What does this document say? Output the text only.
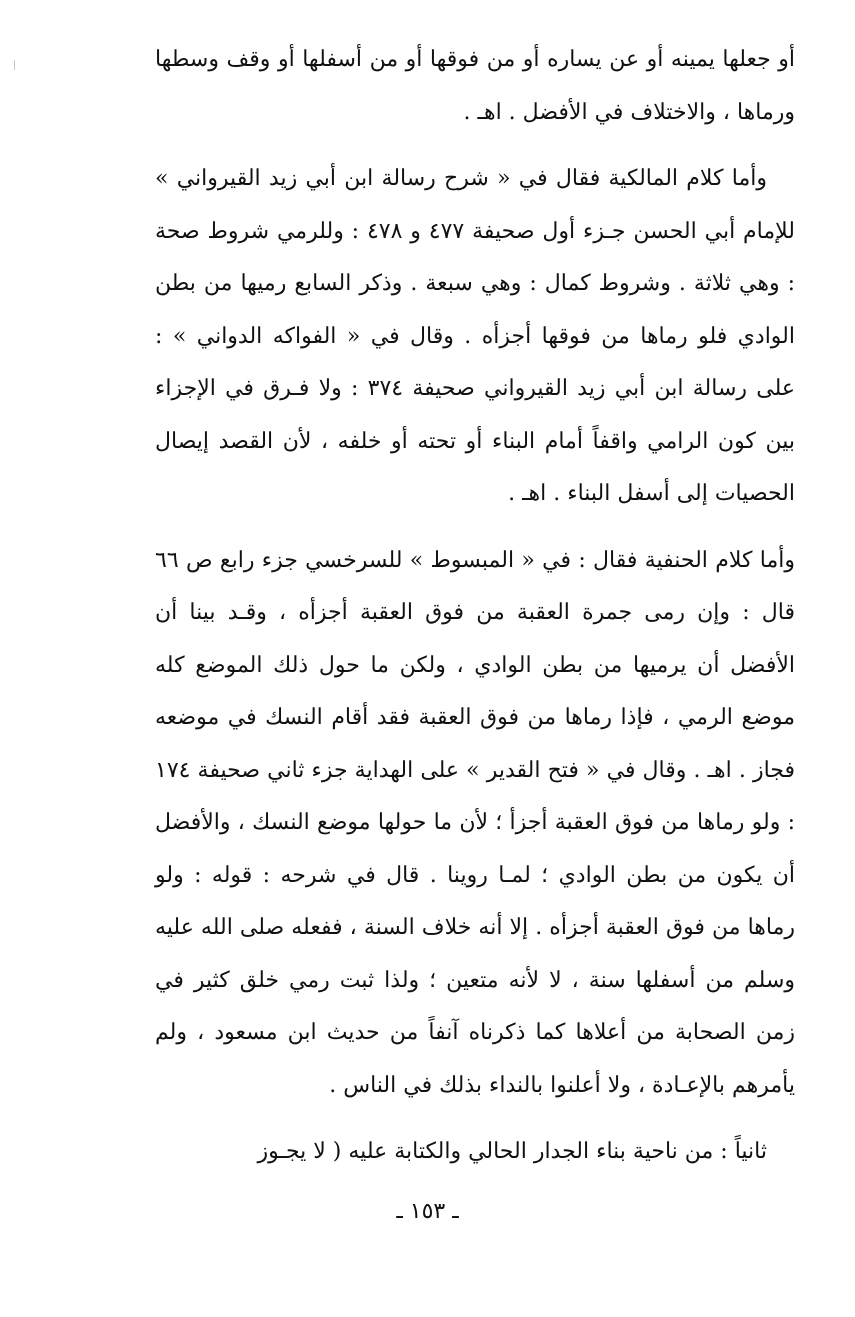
أو جعلها يمينه أو عن يساره أو من فوقها أو من أسفلها أو وقف وسطها ورماها ، والاختلاف في الأفضل . اهـ .

وأما كلام المالكية فقال في « شرح رسالة ابن أبي زيد القيرواني » للإمام أبي الحسن جـزء أول صحيفة ٤٧٧ و ٤٧٨ : وللرمي شروط صحة : وهي ثلاثة . وشروط كمال : وهي سبعة . وذكر السابع رميها من بطن الوادي فلو رماها من فوقها أجزأه . وقال في « الفواكه الدواني » : على رسالة ابن أبي زيد القيرواني صحيفة ٣٧٤ : ولا فـرق في الإجزاء بين كون الرامي واقفاً أمام البناء أو تحته أو خلفه ، لأن القصد إيصال الحصيات إلى أسفل البناء . اهـ .

وأما كلام الحنفية فقال : في « المبسوط » للسرخسي جزء رابع ص ٦٦ قال : وإن رمى جمرة العقبة من فوق العقبة أجزأه ، وقـد بينا أن الأفضل أن يرميها من بطن الوادي ، ولكن ما حول ذلك الموضع كله موضع الرمي ، فإذا رماها من فوق العقبة فقد أقام النسك في موضعه فجاز . اهـ . وقال في « فتح القدير » على الهداية جزء ثاني صحيفة ١٧٤ : ولو رماها من فوق العقبة أجزأ ؛ لأن ما حولها موضع النسك ، والأفضل أن يكون من بطن الوادي ؛ لمـا روينا . قال في شرحه : قوله : ولو رماها من فوق العقبة أجزأه . إلا أنه خلاف السنة ، ففعله صلى الله عليه وسلم من أسفلها سنة ، لا لأنه متعين ؛ ولذا ثبت رمي خلق كثير في زمن الصحابة من أعلاها كما ذكرناه آنفاً من حديث ابن مسعود ، ولم يأمرهم بالإعـادة ، ولا أعلنوا بالنداء بذلك في الناس .

ثانياً : من ناحية بناء الجدار الحالي والكتابة عليه ( لا يجـوز

ـ ١٥٣ ـ
